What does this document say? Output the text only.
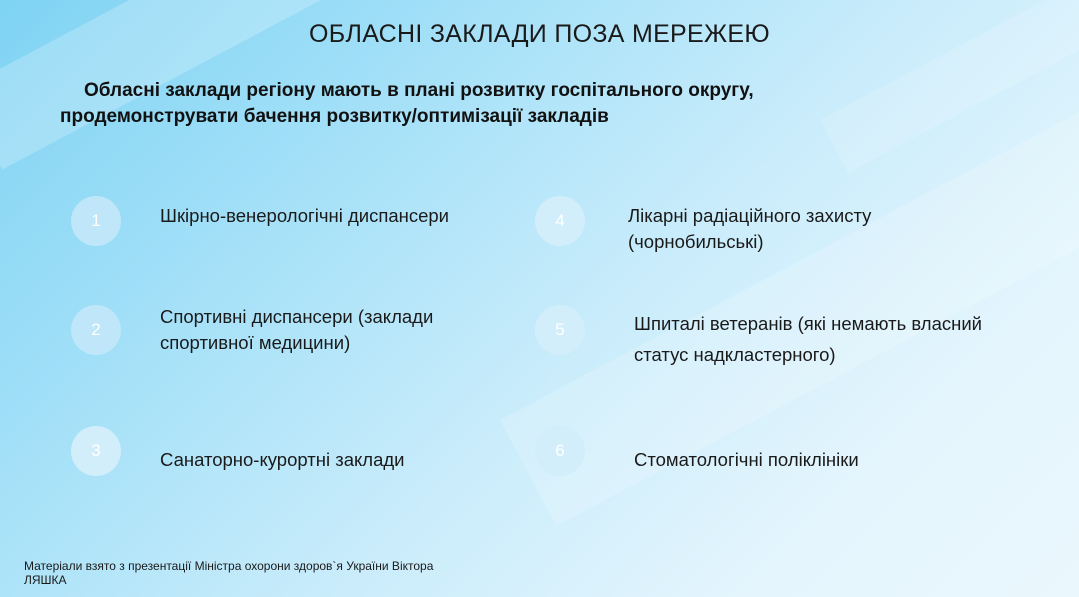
ОБЛАСНІ ЗАКЛАДИ ПОЗА МЕРЕЖЕЮ
Обласні заклади регіону мають в плані розвитку госпітального округу,
продемонструвати бачення розвитку/оптимізації закладів
1	Шкірно-венерологічні диспансери
2
Спортивні диспансери (заклади
спортивної медицини)
3	Санаторно-курортні заклади
4	Лікарні радіаційного захисту
(чорнобильські)
5	Шпиталі ветеранів (які немають власний
статус надкластерного)
6	Стоматологічні поліклініки
Матеріали взято з презентації Міністра охорони здоров`я України Віктора
ЛЯШКА
